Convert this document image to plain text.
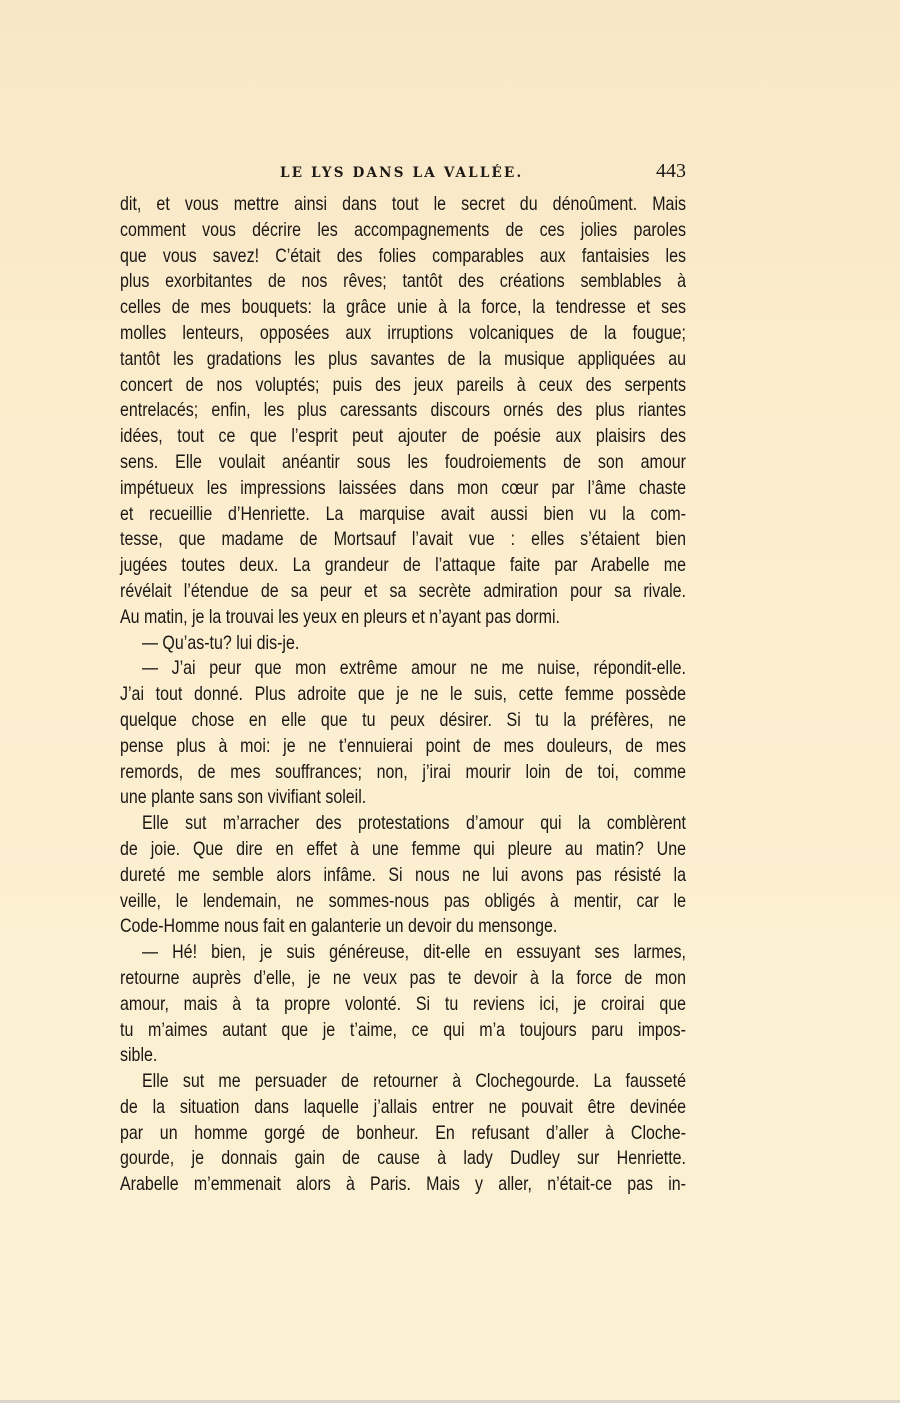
LE LYS DANS LA VALLÉE.	443
dit, et vous mettre ainsi dans tout le secret du dénoûment. Mais
comment vous décrire les accompagnements de ces jolies paroles
que vous savez! C’était des folies comparables aux fantaisies les
plus exorbitantes de nos rêves; tantôt des créations semblables à
celles de mes bouquets: la grâce unie à la force, la tendresse et ses
molles lenteurs, opposées aux irruptions volcaniques de la fougue;
tantôt les gradations les plus savantes de la musique appliquées au
concert de nos voluptés; puis des jeux pareils à ceux des serpents
entrelacés; enfin, les plus caressants discours ornés des plus riantes
idées, tout ce que l’esprit peut ajouter de poésie aux plaisirs des
sens. Elle voulait anéantir sous les foudroiements de son amour
impétueux les impressions laissées dans mon cœur par l’âme chaste
et recueillie d’Henriette. La marquise avait aussi bien vu la com-
tesse, que madame de Mortsauf l’avait vue : elles s’étaient bien
jugées toutes deux. La grandeur de l’attaque faite par Arabelle me
révélait l’étendue de sa peur et sa secrète admiration pour sa rivale.
Au matin, je la trouvai les yeux en pleurs et n’ayant pas dormi.
— Qu’as-tu? lui dis-je.
— J’ai peur que mon extrême amour ne me nuise, répondit-elle.
J’ai tout donné. Plus adroite que je ne le suis, cette femme possède
quelque chose en elle que tu peux désirer. Si tu la préfères, ne
pense plus à moi: je ne t’ennuierai point de mes douleurs, de mes
remords, de mes souffrances; non, j’irai mourir loin de toi, comme
une plante sans son vivifiant soleil.
Elle sut m’arracher des protestations d’amour qui la comblèrent
de joie. Que dire en effet à une femme qui pleure au matin? Une
dureté me semble alors infâme. Si nous ne lui avons pas résisté la
veille, le lendemain, ne sommes-nous pas obligés à mentir, car le
Code-Homme nous fait en galanterie un devoir du mensonge.
— Hé! bien, je suis généreuse, dit-elle en essuyant ses larmes,
retourne auprès d’elle, je ne veux pas te devoir à la force de mon
amour, mais à ta propre volonté. Si tu reviens ici, je croirai que
tu m’aimes autant que je t’aime, ce qui m’a toujours paru impos-
sible.
Elle sut me persuader de retourner à Clochegourde. La fausseté
de la situation dans laquelle j’allais entrer ne pouvait être devinée
par un homme gorgé de bonheur. En refusant d’aller à Cloche-
gourde, je donnais gain de cause à lady Dudley sur Henriette.
Arabelle m’emmenait alors à Paris. Mais y aller, n’était-ce pas in-
